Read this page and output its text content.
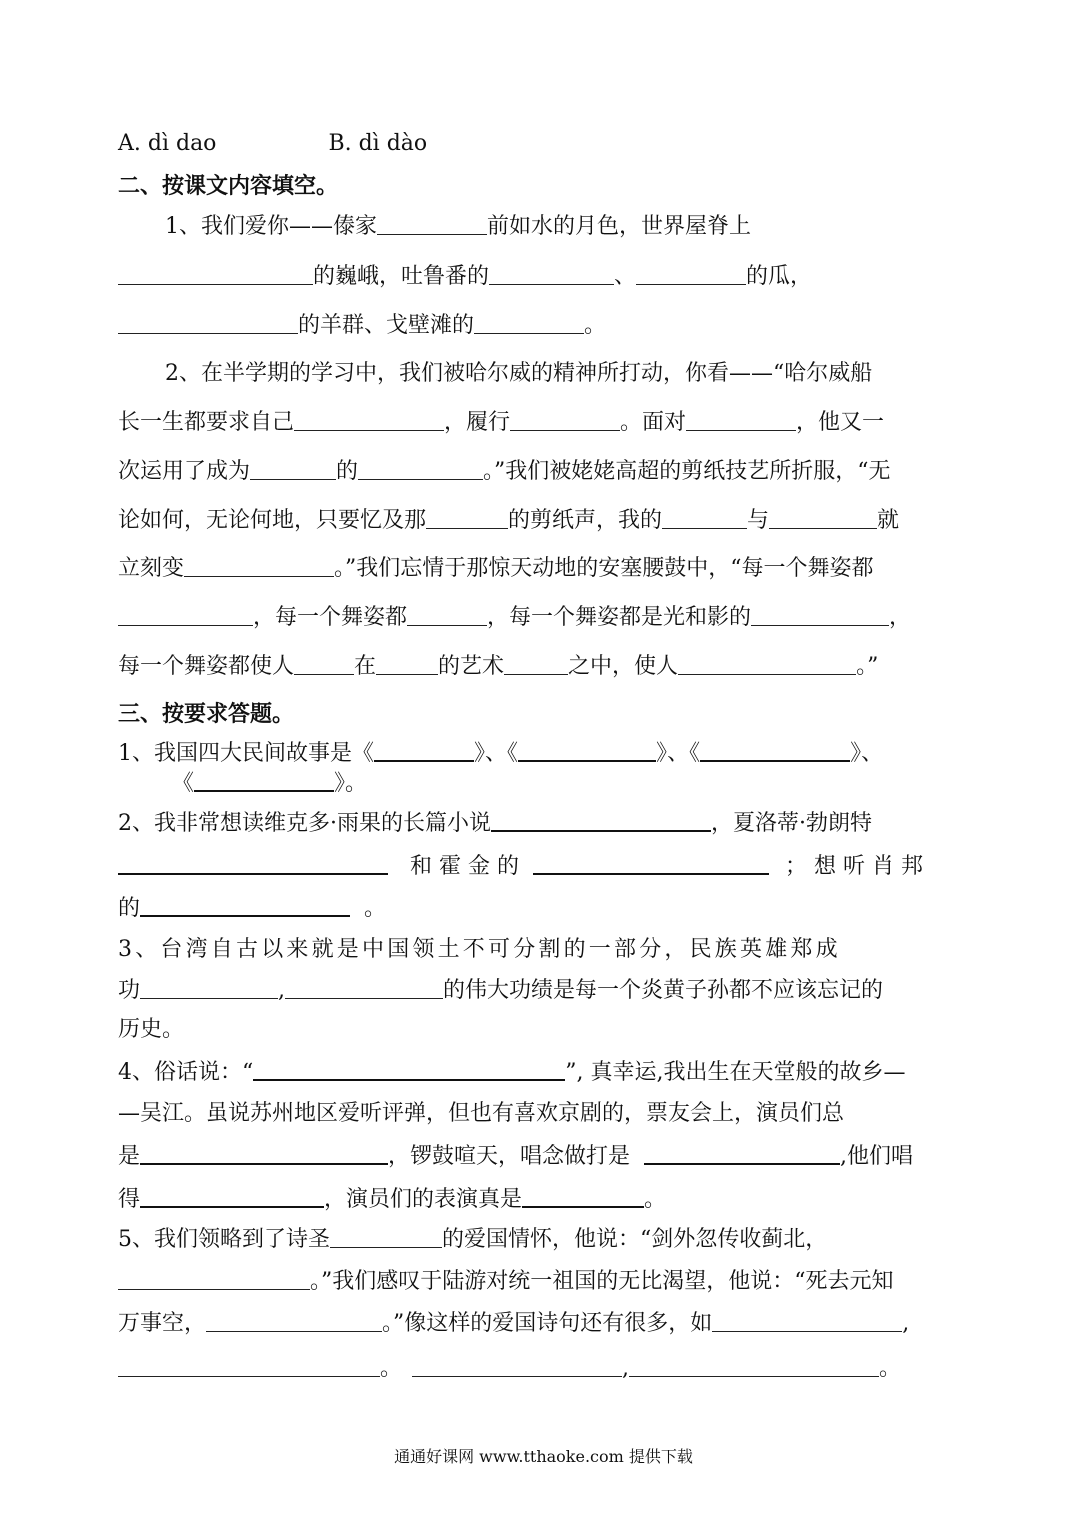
A. dì dao	B. dì dào
二、按课文内容填空。
1、我们爱你——傣家	前如水的月色，世界屋脊上
的巍峨，吐鲁番的	、	的瓜，
的羊群、戈壁滩的	。
2、在半学期的学习中，我们被哈尔威的精神所打动，你看——“哈尔威船
长一生都要求自己	，履行	。面对	，他又一
次运用了成为	的	。”我们被姥姥高超的剪纸技艺所折服，“无
论如何，无论何地，只要忆及那	的剪纸声，我的	与	就
立刻变	。”我们忘情于那惊天动地的安塞腰鼓中，“每一个舞姿都
，每一个舞姿都	，每一个舞姿都是光和影的	，
每一个舞姿都使人	在	的艺术	之中，使人	。”
三、按要求答题。
1、我国四大民间故事是《	》、《	》、《	》、
《	》。
2、我非常想读维克多·雨果的长篇小说	，夏洛蒂·勃朗特
和 霍 金 的	； 想 听 肖 邦
的	。
3、台湾自古以来就是中国领土不可分割的一部分，民族英雄郑成
功	,	的伟大功绩是每一个炎黄子孙都不应该忘记的
历史。
4、俗话说：“	”, 真幸运,我出生在天堂般的故乡—
—吴江。虽说苏州地区爱听评弹，但也有喜欢京剧的，票友会上，演员们总
是	，锣鼓喧天，唱念做打是	,他们唱
得	，演员们的表演真是	。
5、我们领略到了诗圣	的爱国情怀，他说：“剑外忽传收蓟北，
。”我们感叹于陆游对统一祖国的无比渴望，他说：“死去元知
万事空，	。”像这样的爱国诗句还有很多，如	,
。	,	。
通通好课网 www.tthaoke.com 提供下载
